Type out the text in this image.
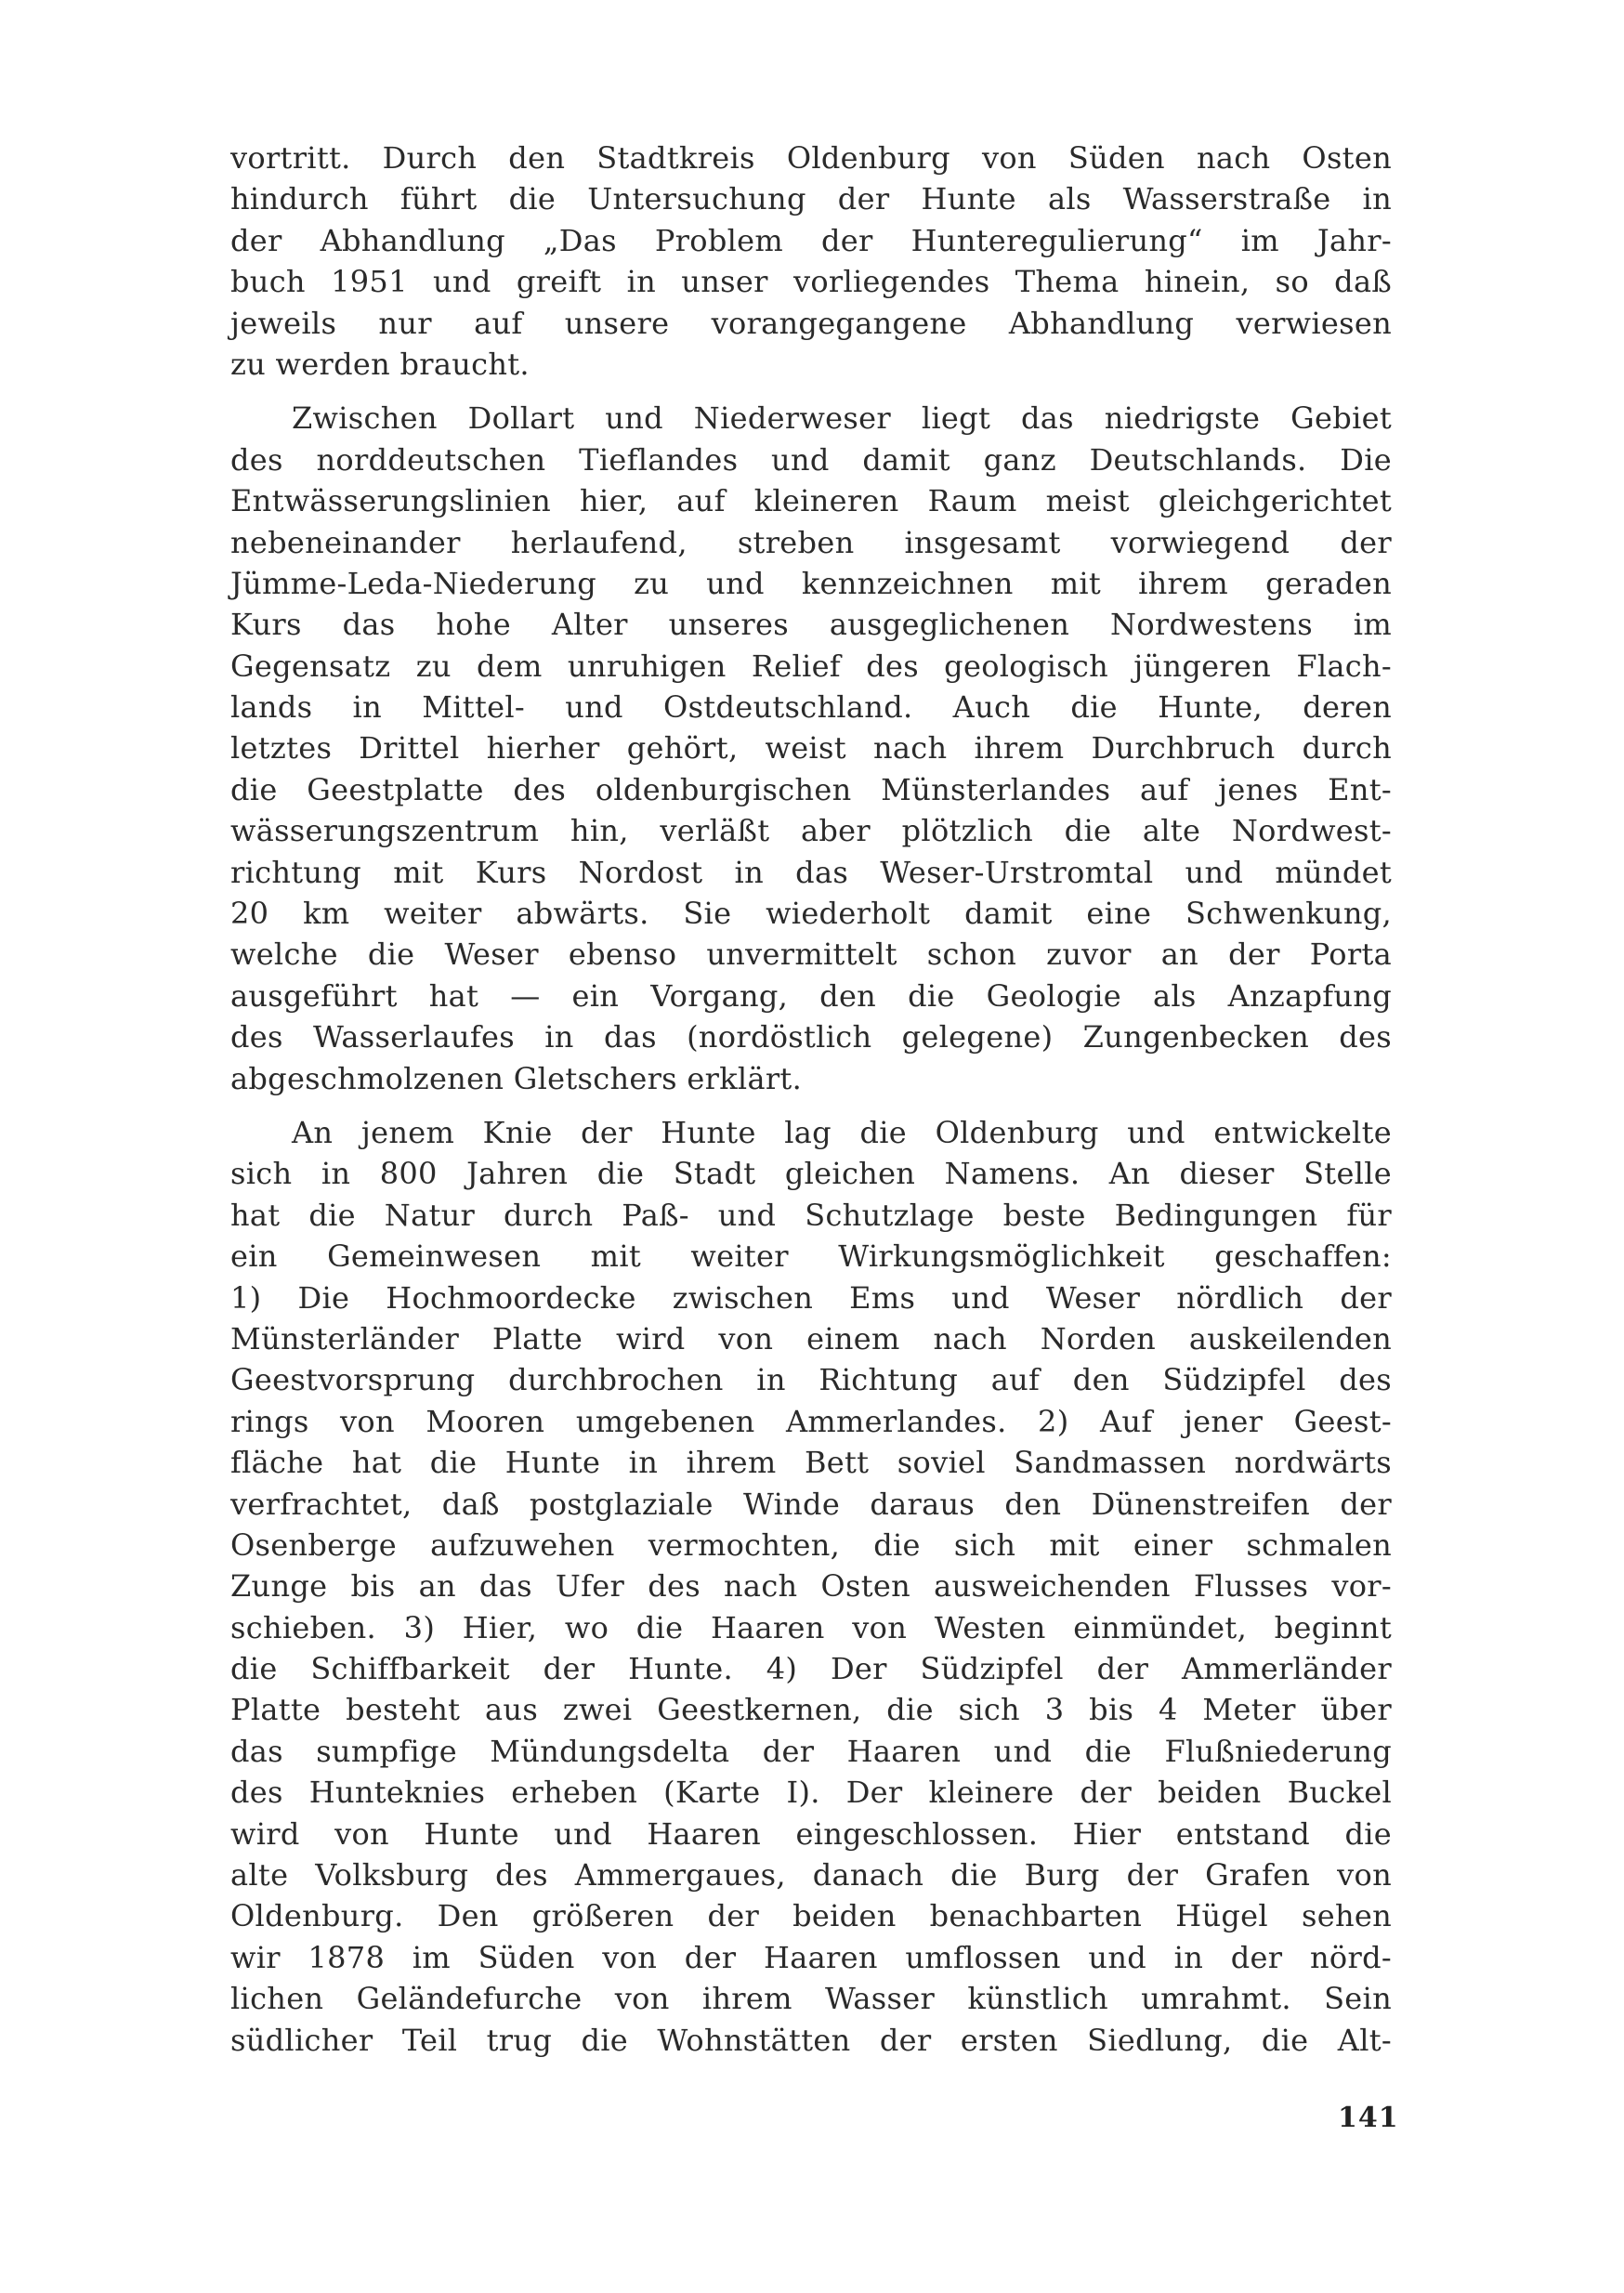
vortritt. Durch den Stadtkreis Oldenburg von Süden nach Osten
hindurch führt die Untersuchung der Hunte als Wasserstraße in
der Abhandlung „Das Problem der Hunteregulierung“ im Jahr-
buch 1951 und greift in unser vorliegendes Thema hinein, so daß
jeweils nur auf unsere vorangegangene Abhandlung verwiesen
zu werden braucht.
Zwischen Dollart und Niederweser liegt das niedrigste Gebiet
des norddeutschen Tieflandes und damit ganz Deutschlands. Die
Entwässerungslinien hier, auf kleineren Raum meist gleichgerichtet
nebeneinander herlaufend, streben insgesamt vorwiegend der
Jümme-Leda-Niederung zu und kennzeichnen mit ihrem geraden
Kurs das hohe Alter unseres ausgeglichenen Nordwestens im
Gegensatz zu dem unruhigen Relief des geologisch jüngeren Flach-
lands in Mittel- und Ostdeutschland. Auch die Hunte, deren
letztes Drittel hierher gehört, weist nach ihrem Durchbruch durch
die Geestplatte des oldenburgischen Münsterlandes auf jenes Ent-
wässerungszentrum hin, verläßt aber plötzlich die alte Nordwest-
richtung mit Kurs Nordost in das Weser-Urstromtal und mündet
20 km weiter abwärts. Sie wiederholt damit eine Schwenkung,
welche die Weser ebenso unvermittelt schon zuvor an der Porta
ausgeführt hat — ein Vorgang, den die Geologie als Anzapfung
des Wasserlaufes in das (nordöstlich gelegene) Zungenbecken des
abgeschmolzenen Gletschers erklärt.
An jenem Knie der Hunte lag die Oldenburg und entwickelte
sich in 800 Jahren die Stadt gleichen Namens. An dieser Stelle
hat die Natur durch Paß- und Schutzlage beste Bedingungen für
ein Gemeinwesen mit weiter Wirkungsmöglichkeit geschaffen:
1) Die Hochmoordecke zwischen Ems und Weser nördlich der
Münsterländer Platte wird von einem nach Norden auskeilenden
Geestvorsprung durchbrochen in Richtung auf den Südzipfel des
rings von Mooren umgebenen Ammerlandes. 2) Auf jener Geest-
fläche hat die Hunte in ihrem Bett soviel Sandmassen nordwärts
verfrachtet, daß postglaziale Winde daraus den Dünenstreifen der
Osenberge aufzuwehen vermochten, die sich mit einer schmalen
Zunge bis an das Ufer des nach Osten ausweichenden Flusses vor-
schieben. 3) Hier, wo die Haaren von Westen einmündet, beginnt
die Schiffbarkeit der Hunte. 4) Der Südzipfel der Ammerländer
Platte besteht aus zwei Geestkernen, die sich 3 bis 4 Meter über
das sumpfige Mündungsdelta der Haaren und die Flußniederung
des Hunteknies erheben (Karte I). Der kleinere der beiden Buckel
wird von Hunte und Haaren eingeschlossen. Hier entstand die
alte Volksburg des Ammergaues, danach die Burg der Grafen von
Oldenburg. Den größeren der beiden benachbarten Hügel sehen
wir 1878 im Süden von der Haaren umflossen und in der nörd-
lichen Geländefurche von ihrem Wasser künstlich umrahmt. Sein
südlicher Teil trug die Wohnstätten der ersten Siedlung, die Alt-
141
